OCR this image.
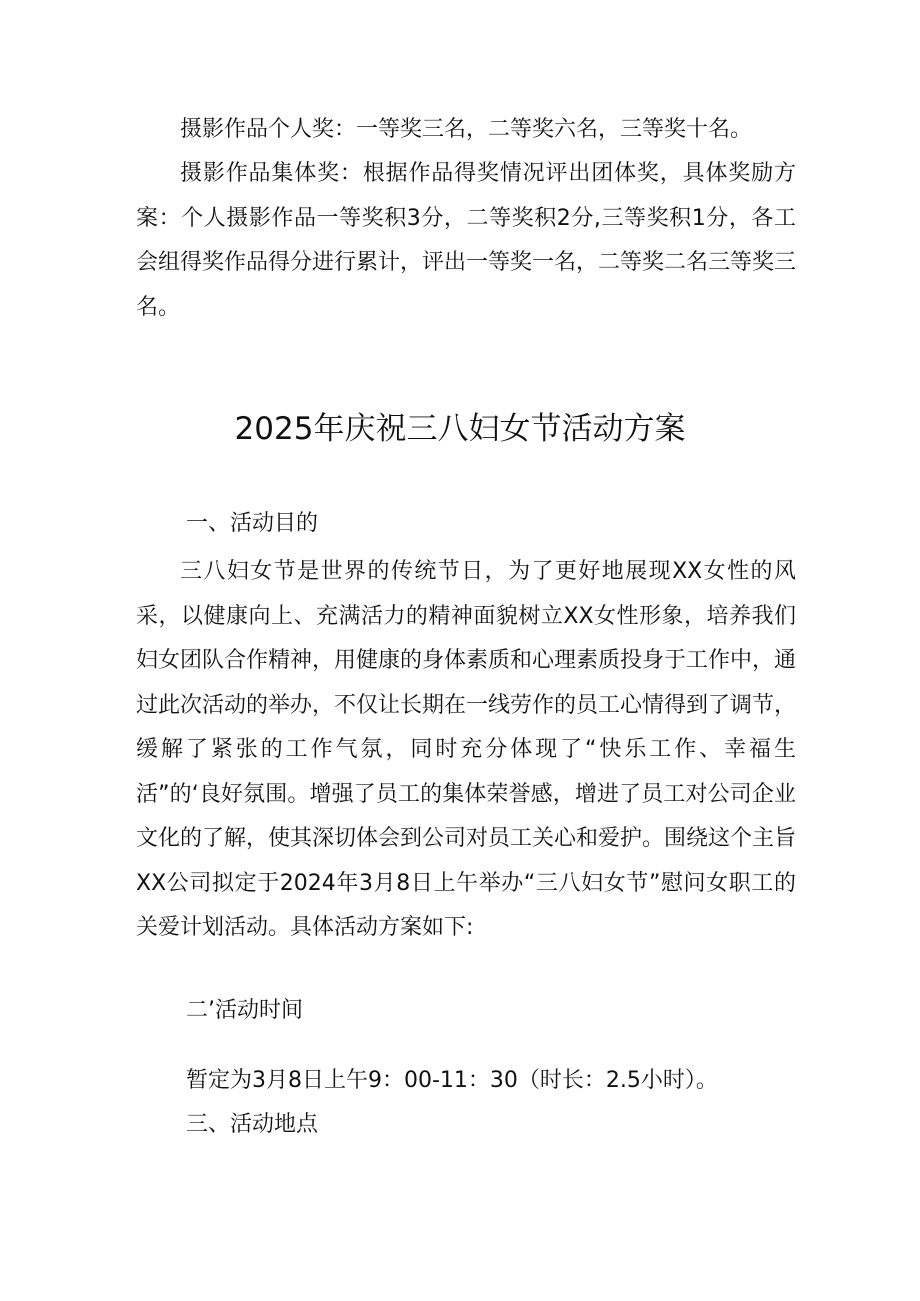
摄影作品个人奖：一等奖三名，二等奖六名，三等奖十名。

摄影作品集体奖：根据作品得奖情况评出团体奖，具体奖励方案：个人摄影作品一等奖积3分，二等奖积2分,三等奖积1分，各工会组得奖作品得分进行累计，评出一等奖一名，二等奖二名三等奖三名。

2025年庆祝三八妇女节活动方案

一、活动目的

三八妇女节是世界的传统节日，为了更好地展现XX女性的风采，以健康向上、充满活力的精神面貌树立XX女性形象，培养我们妇女团队合作精神，用健康的身体素质和心理素质投身于工作中，通过此次活动的举办，不仅让长期在一线劳作的员工心情得到了调节，缓解了紧张的工作气氛，同时充分体现了“快乐工作、幸福生活”的‘良好氛围。增强了员工的集体荣誉感，增进了员工对公司企业文化的了解，使其深切体会到公司对员工关心和爱护。围绕这个主旨XX公司拟定于2024年3月8日上午举办“三八妇女节”慰问女职工的关爱计划活动。具体活动方案如下:

二’活动时间

暂定为3月8日上午9：00-11：30（时长：2.5小时）。

三、活动地点
